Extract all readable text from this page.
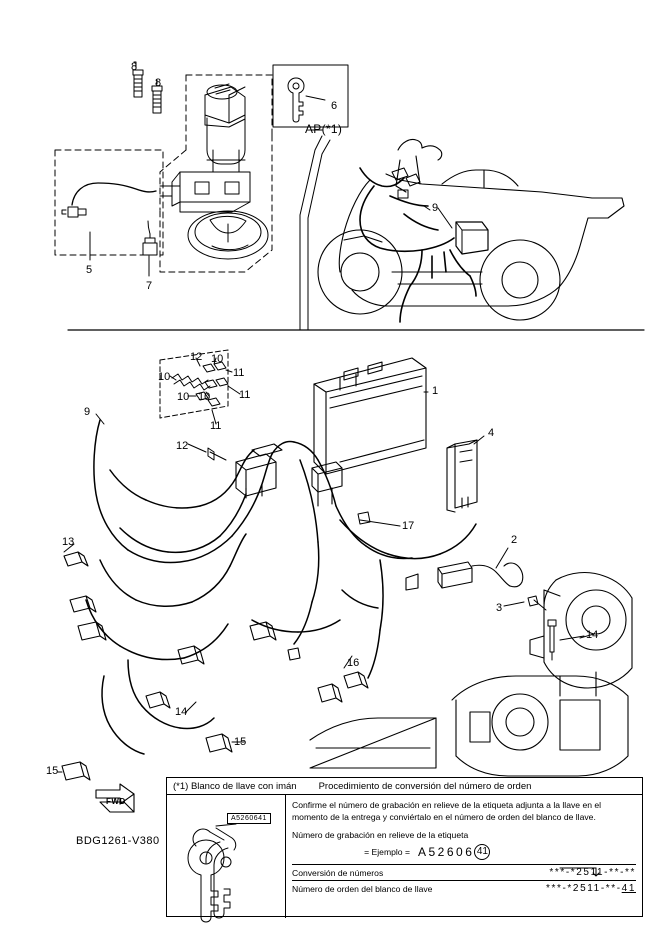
8
8
6
9
5
7
AP(*1)
12 10
11
10
10 10	11
11
12
1
4
9
13
17
2
3
14
16
14
15
15
FWD
BDG1261-V380
(*1) Blanco de llave con imán Procedimiento de conversión del número de orden
A5260641

Confirme el número de grabación en relieve de la etiqueta adjunta a la llave en el momento de la entrega y conviértalo en el número de orden del blanco de llave.

Número de grabación en relieve de la etiqueta

= Ejemplo = A52606 41
Conversión de números	***-*2511-**-**
Número de orden del blanco de llave	***-*2511-**- 41
